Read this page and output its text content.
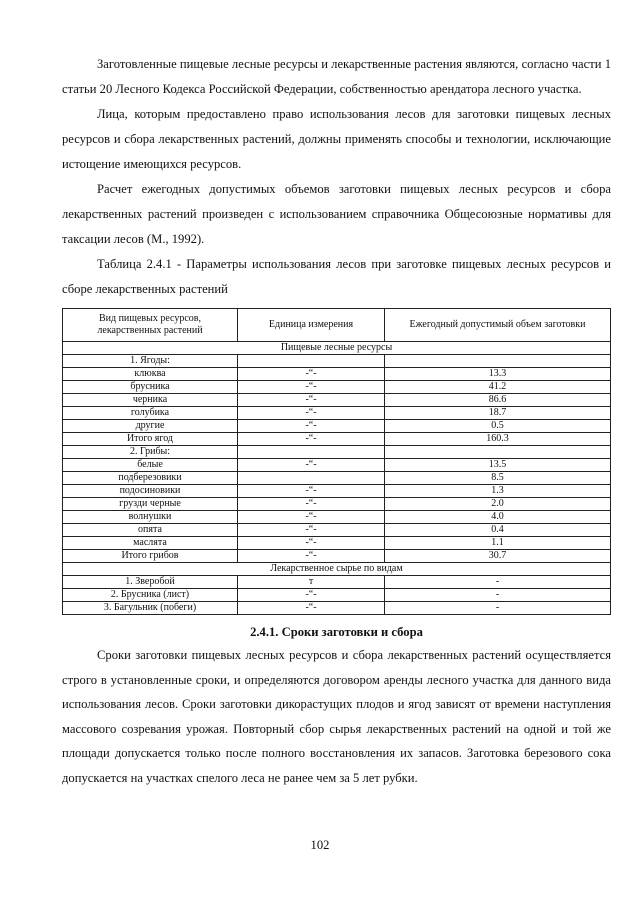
Заготовленные пищевые лесные ресурсы и лекарственные растения являются, согласно части 1 статьи 20 Лесного Кодекса Российской Федерации, собственностью арендатора лесного участка.

Лица, которым предоставлено право использования лесов для заготовки пищевых лесных ресурсов и сбора лекарственных растений, должны применять способы и технологии, исключающие истощение имеющихся ресурсов.

Расчет ежегодных допустимых объемов заготовки пищевых лесных ресурсов и сбора лекарственных растений произведен с использованием справочника Общесоюзные нормативы для таксации лесов (М., 1992).

Таблица 2.4.1 - Параметры использования лесов при заготовке пищевых лесных ресурсов и сборе лекарственных растений

Вид пищевых ресурсов, лекарственных растений	Единица измерения	Ежегодный допустимый объем заготовки
Пищевые лесные ресурсы		
1. Ягоды:		
клюква	-“-	13.3
брусника	-“-	41.2
черника	-“-	86.6
голубика	-“-	18.7
другие	-“-	0.5
Итого ягод	-“-	160.3
2. Грибы:		
белые	-“-	13.5
подберезовики		8.5
подосиновики	-“-	1.3
грузди черные	-“-	2.0
волнушки	-“-	4.0
опята	-“-	0.4
маслята	-“-	1.1
Итого грибов	-“-	30.7
Лекарственное сырье по видам		
1. Зверобой	т	-
2. Брусника (лист)	-“-	-
3. Багульник (побеги)	-“-	-
2.4.1. Сроки заготовки и сбора

Сроки заготовки пищевых лесных ресурсов и сбора лекарственных растений осуществляется строго в установленные сроки, и определяются договором аренды лесного участка для данного вида использования лесов. Сроки заготовки дикорастущих плодов и ягод зависят от времени наступления массового созревания урожая. Повторный сбор сырья лекарственных растений на одной и той же площади допускается только после полного восстановления их запасов. Заготовка березового сока допускается на участках спелого леса не ранее чем за 5 лет рубки.

102
